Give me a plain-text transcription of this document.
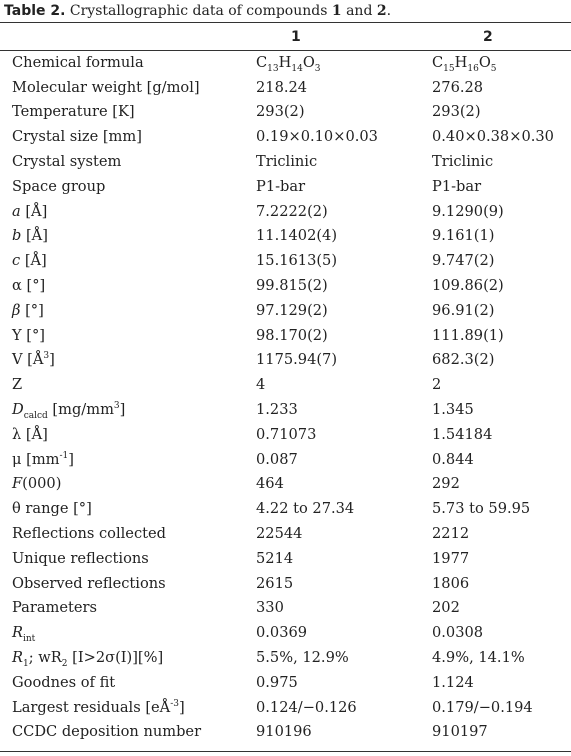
Table 2. Crystallographic data of compounds 1 and 2.
	1	2
Chemical formula	$C_{13}H_{14}O_3$	$C_{15}H_{16}O_5$
Molecular weight [g/mol]	218.24	276.28
Temperature [K]	293(2)	293(2)
Crystal size [mm]	0.19×0.10×0.03	0.40×0.38×0.30
Crystal system	Triclinic	Triclinic
Space group	P1-bar	P1-bar
a [Å]	7.2222(2)	9.1290(9)
b [Å]	11.1402(4)	9.161(1)
c [Å]	15.1613(5)	9.747(2)
α [°]	99.815(2)	109.86(2)
β [°]	97.129(2)	96.91(2)
Y [°]	98.170(2)	111.89(1)
V $[Å^3]$	1175.94(7)	682.3(2)
Z	4	2
$D_{calcd}$ $[mg/mm^3]$	1.233	1.345
λ [Å]	0.71073	1.54184
μ $[mm^{-1}]$	0.087	0.844
F(000)	464	292
θ range [°]	4.22 to 27.34	5.73 to 59.95
Reflections collected	22544	2212
Unique reflections	5214	1977
Observed reflections	2615	1806
Parameters	330	202
$R_{int}$	0.0369	0.0308
$R_1$; $wR_2$ [I>2σ(I)][%]	5.5%, 12.9%	4.9%, 14.1%
Goodnes of fit	0.975	1.124
Largest residuals $[eÅ^{-3}]$	0.124/−0.126	0.179/−0.194
CCDC deposition number	910196	910197
